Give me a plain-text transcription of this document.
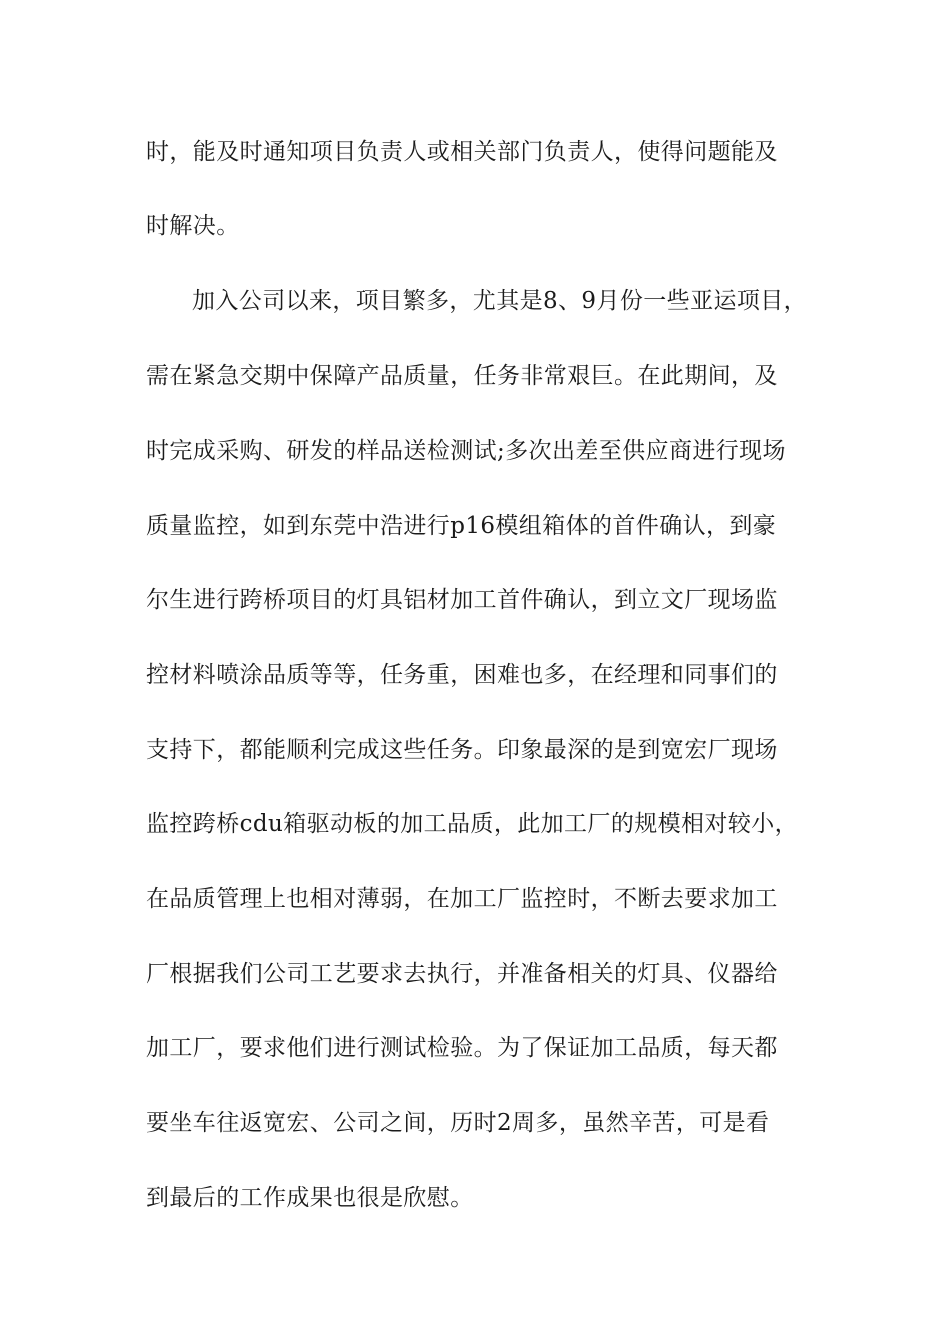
时，能及时通知项目负责人或相关部门负责人，使得问题能及
时解决。
加入公司以来，项目繁多，尤其是8、9月份一些亚运项目，
需在紧急交期中保障产品质量，任务非常艰巨。在此期间，及
时完成采购、研发的样品送检测试;多次出差至供应商进行现场
质量监控，如到东莞中浩进行p16模组箱体的首件确认，到豪
尔生进行跨桥项目的灯具铝材加工首件确认，到立文厂现场监
控材料喷涂品质等等，任务重，困难也多，在经理和同事们的
支持下，都能顺利完成这些任务。印象最深的是到宽宏厂现场
监控跨桥cdu箱驱动板的加工品质，此加工厂的规模相对较小，
在品质管理上也相对薄弱，在加工厂监控时，不断去要求加工
厂根据我们公司工艺要求去执行，并准备相关的灯具、仪器给
加工厂，要求他们进行测试检验。为了保证加工品质，每天都
要坐车往返宽宏、公司之间，历时2周多，虽然辛苦，可是看
到最后的工作成果也很是欣慰。
